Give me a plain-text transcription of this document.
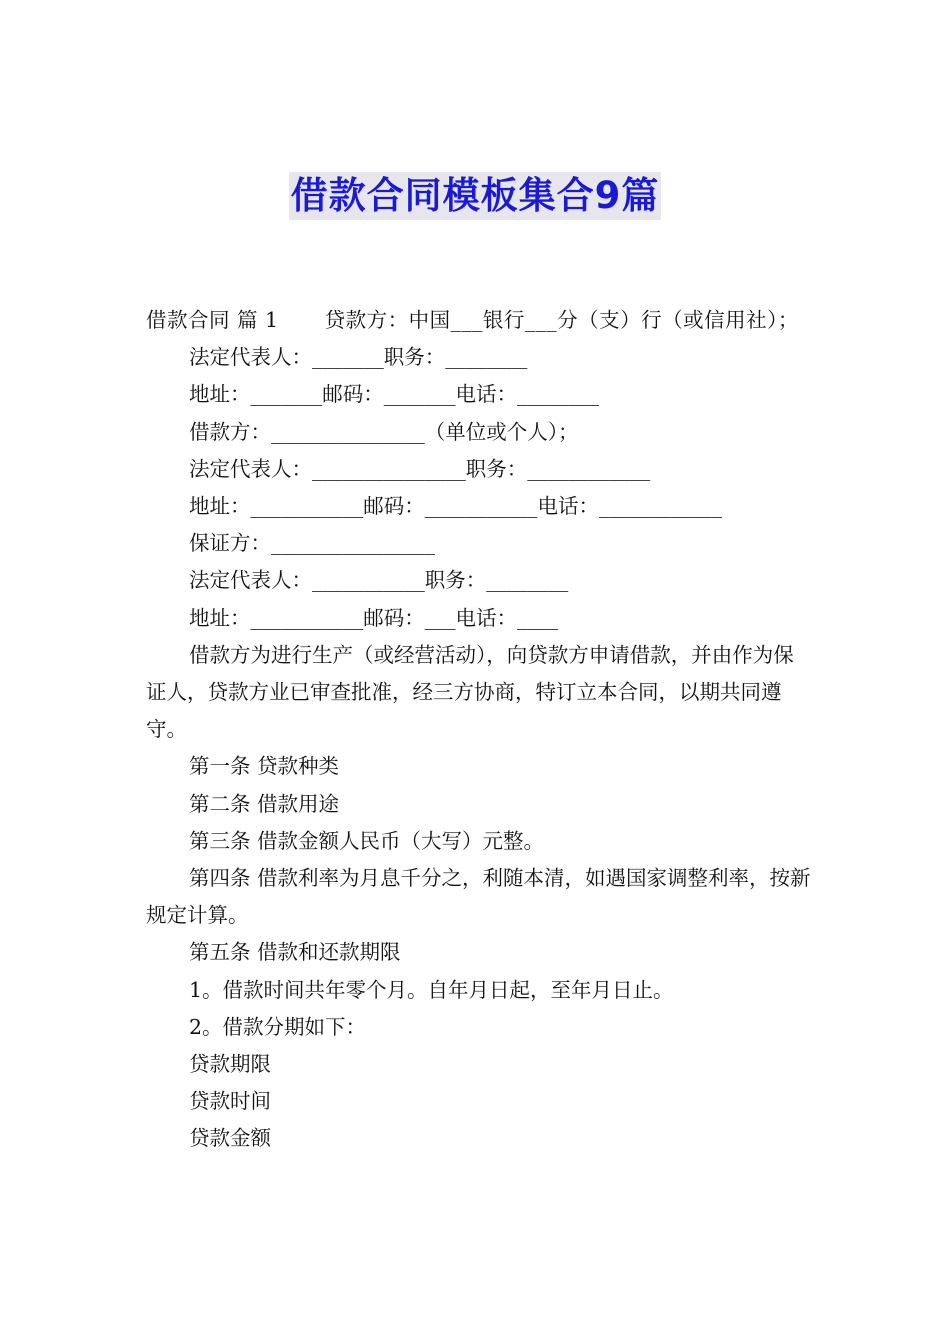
借款合同模板集合9篇

借款合同 篇 1 贷款方：中国___银行___分（支）行（或信用社）；

法定代表人：_______职务：________

地址：_______邮码：_______电话：________

借款方：_______________（单位或个人）；

法定代表人：_______________职务：____________

地址：___________邮码：___________电话：____________

保证方：________________

法定代表人：___________职务：________

地址：___________邮码：___电话：____

借款方为进行生产（或经营活动），向贷款方申请借款，并由作为保证人，贷款方业已审查批准，经三方协商，特订立本合同，以期共同遵守。

第一条 贷款种类

第二条 借款用途

第三条 借款金额人民币（大写）元整。

第四条 借款利率为月息千分之，利随本清，如遇国家调整利率，按新规定计算。

第五条 借款和还款期限

1。借款时间共年零个月。自年月日起，至年月日止。

2。借款分期如下：

贷款期限

贷款时间

贷款金额
